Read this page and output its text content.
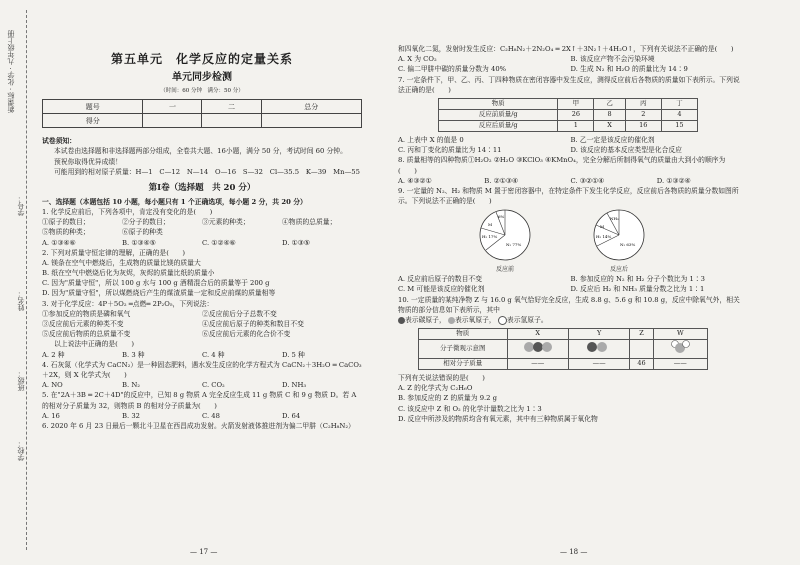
新课标 · 化学 · 九年级上册
学号：
姓名：
班级：
学校：
第五单元　化学反应的定量关系
单元同步检测
（时间：60 分钟　满分：50 分）
题号	一	二	总分
得分			
试卷须知：

本试卷由选择题和非选择题两部分组成，全卷共大题、16小题，满分 50 分，考试时间 60 分钟。

预祝你取得优异成绩！

可能用到的相对原子质量：H—1　C—12　N—14　O—16　S—32　Cl—35.5　K—39　Mn—55

第Ⅰ卷（选择题　共 20 分）

一、选择题（本题包括 10 小题，每小题只有 1 个正确选项，每小题 2 分，共 20 分）

1. 化学反应前后，下列各项中，肯定没有变化的是(　　)

①原子的数目；	②分子的数目；	③元素的种类；	④物质的总质量；
⑤物质的种类；	⑥原子的种类
A. ①③④⑥	B. ①③④⑤	C. ①②④⑥	D. ①③⑤

2. 下列对质量守恒定律的理解，正确的是(　　)

A. 镁条在空气中燃烧后，生成物的质量比镁的质量大

B. 纸在空气中燃烧后化为灰烬，灰烬的质量比纸的质量小

C. 因为"质量守恒"，所以 100 g 水与 100 g 酒精混合后的质量等于 200 g

D. 因为"质量守恒"，所以煤燃烧后产生的煤渣质量一定和反应前煤的质量相等

3. 对于化学反应：4P＋5O₂ ═点燃═ 2P₂O₅，下列说法：

①参加反应的物质是磷和氧气	②反应前后分子总数不变
③反应前后元素的种类不变	④反应前后原子的种类和数目不变
⑤反应前后物质的总质量不变	⑥反应前后元素的化合价不变

以上说法中正确的是(　　)

A. 2 种	B. 3 种	C. 4 种	D. 5 种

4. 石灰氮（化学式为 CaCN₂）是一种固态肥料，遇水发生反应的化学方程式为 CaCN₂＋3H₂O ═ CaCO₃＋2X，则 X 化学式为(　　)

A. NO	B. N₂	C. CO₂	D. NH₃

5. 在"2A＋3B ═ 2C＋4D"的反应中，已知 8 g 物质 A 完全反应生成 11 g 物质 C 和 9 g 物质 D。若 A 的相对分子质量为 32，则物质 B 的相对分子质量为(　　)

A. 16	B. 32	C. 48	D. 64

6. 2020 年 6 月 23 日最后一颗北斗卫星在西昌成功发射。火箭发射液体推进剂为偏二甲肼（C₂H₈N₂）

— 17 —

和四氧化二氮，发射时发生反应：C₂H₈N₂＋2N₂O₄ ═ 2X↑＋3N₂↑＋4H₂O↑，下列有关说法不正确的是(　　)

A. X 为 CO₂	B. 该反应产物不会污染环境
C. 偏二甲肼中碳的质量分数为 40%	D. 生成 N₂ 和 H₂O 的质量比为 14∶9

7. 一定条件下，甲、乙、丙、丁四种物质在密闭容器中发生反应，测得反应前后各物质的质量如下表所示。下列说法正确的是(　　)

物质	甲	乙	丙	丁
反应前质量/g	26	8	2	4
反应后质量/g	1	X	16	15
A. 上表中 X 的值是 0	B. 乙一定是该反应的催化剂
C. 丙和丁变化的质量比为 14∶11	D. 该反应的基本反应类型是化合反应

8. 质量相等的四种物质①H₂O₂ ②H₂O ③KClO₃ ④KMnO₄，完全分解后所制得氧气的质量由大到小的顺序为(　　)

A. ④③②①	B. ②①③④	C. ③②①④	D. ①③②④

9. 一定量的 N₂、H₂ 和物质 M 置于密闭容器中，在特定条件下发生化学反应，反应前后各物质的质量分数如图所示。下列说法不正确的是(　　)

6%
M
H₂ 17%
N₂ 77%
反应前
NH₃
M
H₂ 14%
N₂ 63%
反应后
A. 反应前后原子的数目不变	B. 参加反应的 N₂ 和 H₂ 分子个数比为 1∶3
C. M 可能是该反应的催化剂	D. 反应后 H₂ 和 NH₃ 质量分数之比为 1∶1

10. 一定质量的某纯净物 Z 与 16.0 g 氧气恰好完全反应，生成 8.8 g、5.6 g 和 10.8 g，反应中除氧气外，相关物质的部分信息如下表所示，其中

表示碳原子， 表示氧原子， 表示氢原子。

物质	X	Y	Z	W
分子微观示意图				
相对分子质量	——	——	46	——

下列有关说法错误的是(　　)

A. Z 的化学式为 C₂H₆O

B. 参加反应的 Z 的质量为 9.2 g

C. 该反应中 Z 和 O₂ 的化学计量数之比为 1∶3

D. 反应中所涉及的物质均含有氧元素，其中有三种物质属于氧化物

— 18 —
